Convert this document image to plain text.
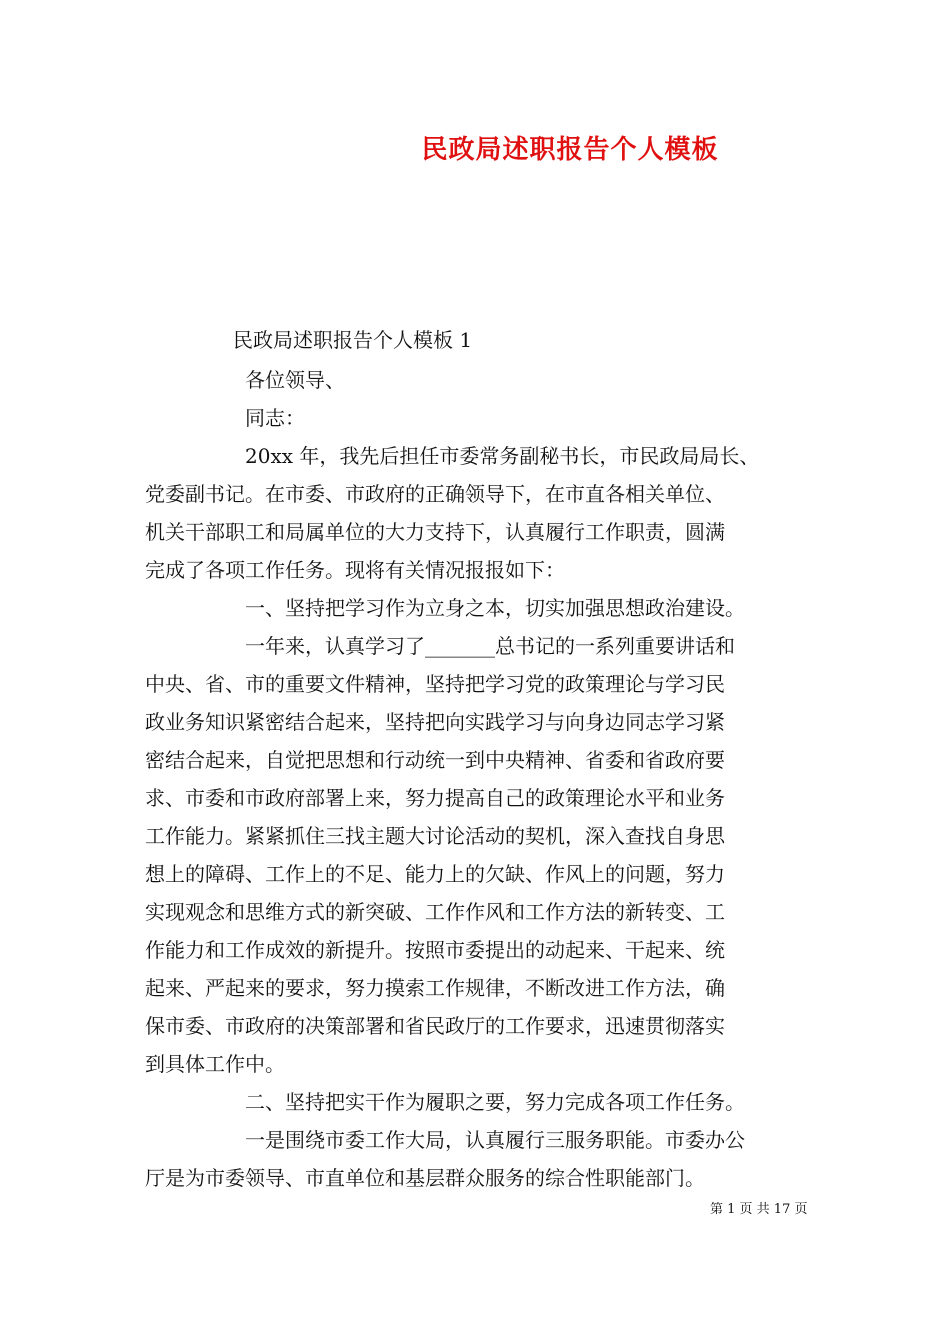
民政局述职报告个人模板
民政局述职报告个人模板 1
各位领导、
同志：
20xx 年，我先后担任市委常务副秘书长，市民政局局长、
党委副书记。在市委、市政府的正确领导下，在市直各相关单位、
机关干部职工和局属单位的大力支持下，认真履行工作职责，圆满
完成了各项工作任务。现将有关情况报报如下：
一、坚持把学习作为立身之本，切实加强思想政治建设。
一年来，认真学习了_______总书记的一系列重要讲话和
中央、省、市的重要文件精神，坚持把学习党的政策理论与学习民
政业务知识紧密结合起来，坚持把向实践学习与向身边同志学习紧
密结合起来，自觉把思想和行动统一到中央精神、省委和省政府要
求、市委和市政府部署上来，努力提高自己的政策理论水平和业务
工作能力。紧紧抓住三找主题大讨论活动的契机，深入查找自身思
想上的障碍、工作上的不足、能力上的欠缺、作风上的问题，努力
实现观念和思维方式的新突破、工作作风和工作方法的新转变、工
作能力和工作成效的新提升。按照市委提出的动起来、干起来、统
起来、严起来的要求，努力摸索工作规律，不断改进工作方法，确
保市委、市政府的决策部署和省民政厅的工作要求，迅速贯彻落实
到具体工作中。
二、坚持把实干作为履职之要，努力完成各项工作任务。
一是围绕市委工作大局，认真履行三服务职能。市委办公
厅是为市委领导、市直单位和基层群众服务的综合性职能部门。
第 1 页 共 17 页
